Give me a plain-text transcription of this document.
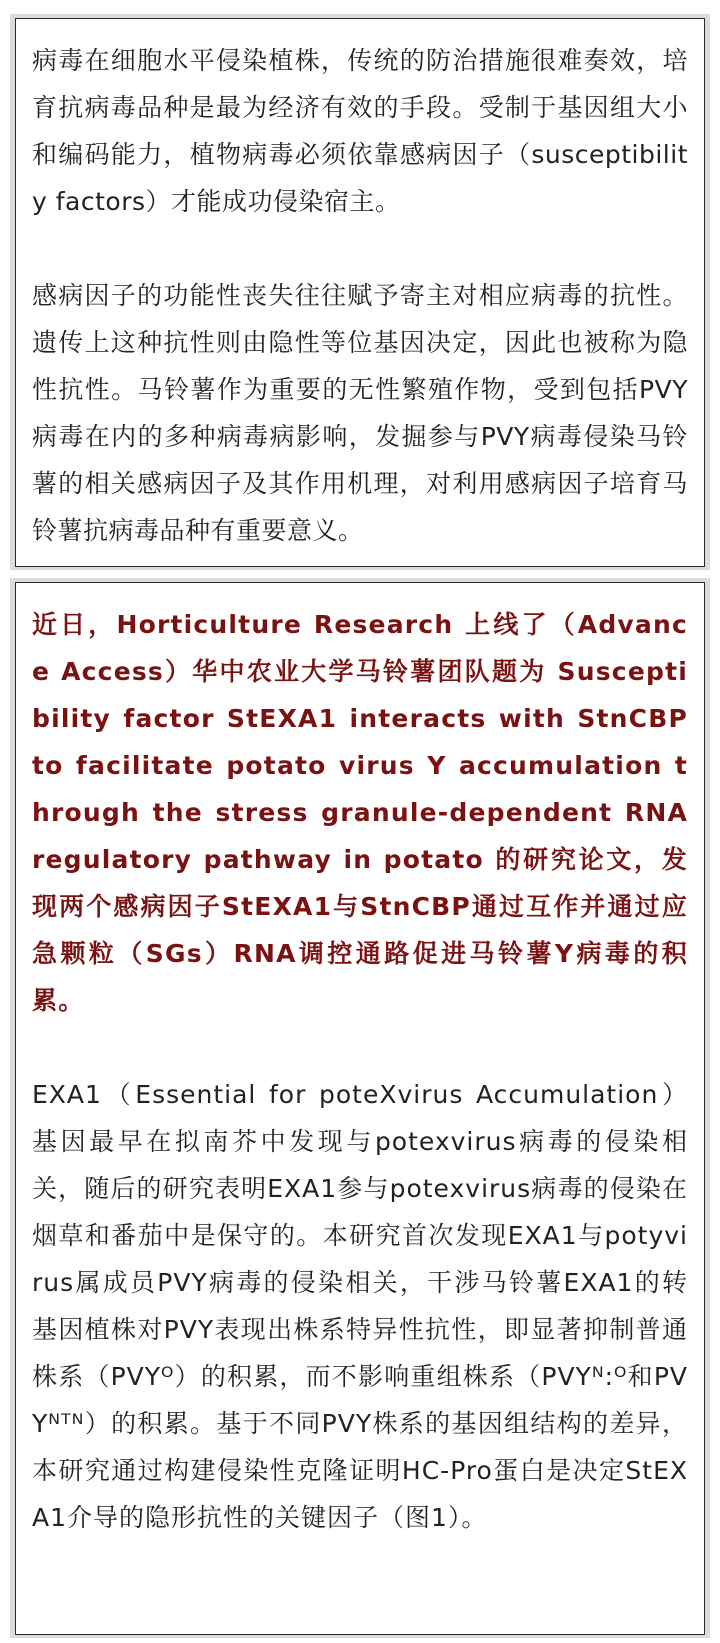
病毒在细胞水平侵染植株，传统的防治措施很难奏效，培育抗病毒品种是最为经济有效的手段。受制于基因组大小和编码能力，植物病毒必须依靠感病因子（susceptibility factors）才能成功侵染宿主。

感病因子的功能性丧失往往赋予寄主对相应病毒的抗性。遗传上这种抗性则由隐性等位基因决定，因此也被称为隐性抗性。马铃薯作为重要的无性繁殖作物，受到包括PVY病毒在内的多种病毒病影响，发掘参与PVY病毒侵染马铃薯的相关感病因子及其作用机理，对利用感病因子培育马铃薯抗病毒品种有重要意义。

近日，Horticulture Research 上线了（Advance Access）华中农业大学马铃薯团队题为 Susceptibility factor StEXA1 interacts with StnCBP to facilitate potato virus Y accumulation through the stress granule-dependent RNA regulatory pathway in potato 的研究论文，发现两个感病因子StEXA1与StnCBP通过互作并通过应急颗粒（SGs）RNA调控通路促进马铃薯Y病毒的积累。

EXA1（Essential for poteXvirus Accumulation）基因最早在拟南芥中发现与potexvirus病毒的侵染相关，随后的研究表明EXA1参与potexvirus病毒的侵染在烟草和番茄中是保守的。本研究首次发现EXA1与potyvirus属成员PVY病毒的侵染相关，干涉马铃薯EXA1的转基因植株对PVY表现出株系特异性抗性，即显著抑制普通株系（PVYᴼ）的积累，而不影响重组株系（PVYᴺ:ᴼ和PVYᴺᵀᴺ）的积累。基于不同PVY株系的基因组结构的差异，本研究通过构建侵染性克隆证明HC-Pro蛋白是决定StEXA1介导的隐形抗性的关键因子（图1）。
